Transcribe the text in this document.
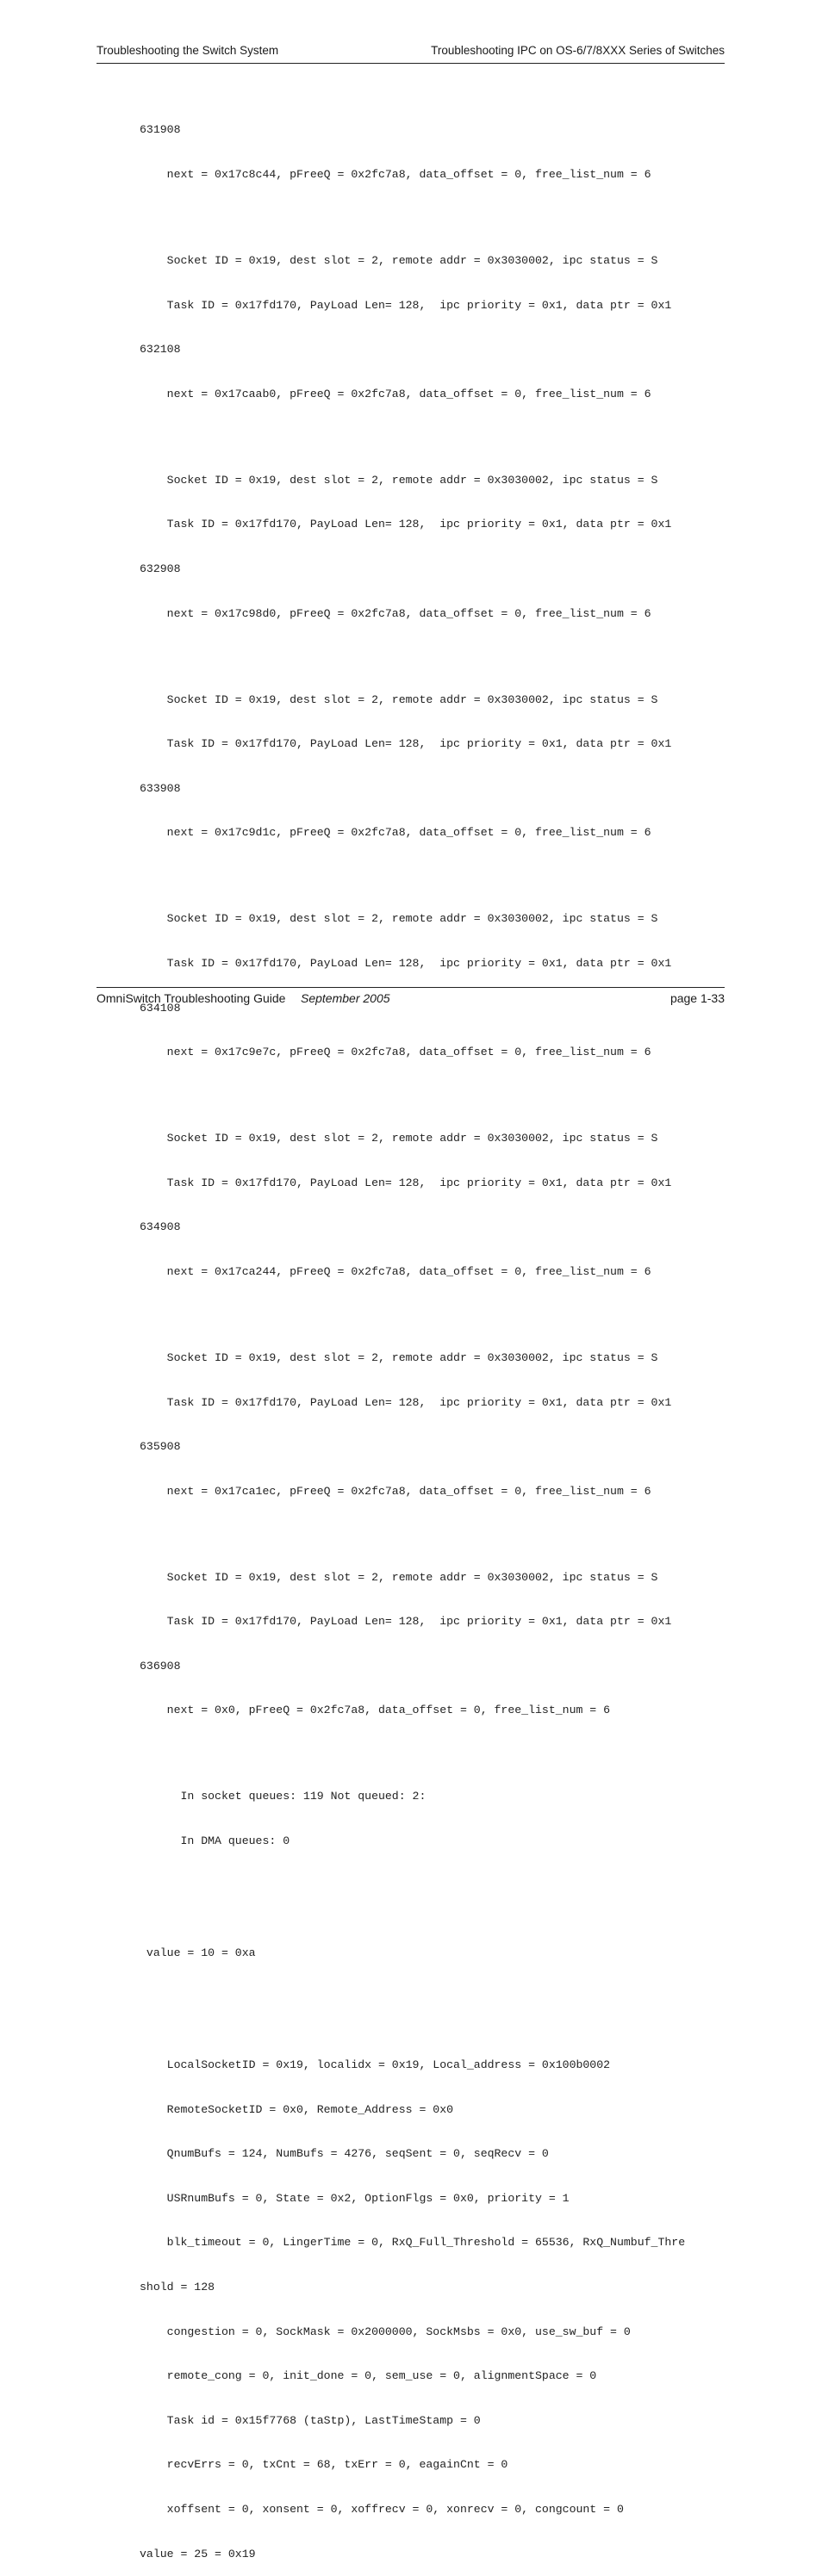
Troubleshooting the Switch System	Troubleshooting IPC on OS-6/7/8XXX Series of Switches

631908

next = 0x17c8c44, pFreeQ = 0x2fc7a8, data_offset = 0, free_list_num = 6

Socket ID = 0x19, dest slot = 2, remote addr = 0x3030002, ipc status = S

Task ID = 0x17fd170, PayLoad Len= 128,  ipc priority = 0x1, data ptr = 0x1

632108

next = 0x17caab0, pFreeQ = 0x2fc7a8, data_offset = 0, free_list_num = 6

Socket ID = 0x19, dest slot = 2, remote addr = 0x3030002, ipc status = S

Task ID = 0x17fd170, PayLoad Len= 128,  ipc priority = 0x1, data ptr = 0x1

632908

next = 0x17c98d0, pFreeQ = 0x2fc7a8, data_offset = 0, free_list_num = 6

Socket ID = 0x19, dest slot = 2, remote addr = 0x3030002, ipc status = S

Task ID = 0x17fd170, PayLoad Len= 128,  ipc priority = 0x1, data ptr = 0x1

633908

next = 0x17c9d1c, pFreeQ = 0x2fc7a8, data_offset = 0, free_list_num = 6

Socket ID = 0x19, dest slot = 2, remote addr = 0x3030002, ipc status = S

Task ID = 0x17fd170, PayLoad Len= 128,  ipc priority = 0x1, data ptr = 0x1

634108

next = 0x17c9e7c, pFreeQ = 0x2fc7a8, data_offset = 0, free_list_num = 6

Socket ID = 0x19, dest slot = 2, remote addr = 0x3030002, ipc status = S

Task ID = 0x17fd170, PayLoad Len= 128,  ipc priority = 0x1, data ptr = 0x1

634908

next = 0x17ca244, pFreeQ = 0x2fc7a8, data_offset = 0, free_list_num = 6

Socket ID = 0x19, dest slot = 2, remote addr = 0x3030002, ipc status = S

Task ID = 0x17fd170, PayLoad Len= 128,  ipc priority = 0x1, data ptr = 0x1

635908

next = 0x17ca1ec, pFreeQ = 0x2fc7a8, data_offset = 0, free_list_num = 6

Socket ID = 0x19, dest slot = 2, remote addr = 0x3030002, ipc status = S

Task ID = 0x17fd170, PayLoad Len= 128,  ipc priority = 0x1, data ptr = 0x1

636908

next = 0x0, pFreeQ = 0x2fc7a8, data_offset = 0, free_list_num = 6

In socket queues: 119 Not queued: 2:

In DMA queues: 0

value = 10 = 0xa

LocalSocketID = 0x19, localidx = 0x19, Local_address = 0x100b0002

RemoteSocketID = 0x0, Remote_Address = 0x0

QnumBufs = 124, NumBufs = 4276, seqSent = 0, seqRecv = 0

USRnumBufs = 0, State = 0x2, OptionFlgs = 0x0, priority = 1

blk_timeout = 0, LingerTime = 0, RxQ_Full_Threshold = 65536, RxQ_Numbuf_Thre

shold = 128

congestion = 0, SockMask = 0x2000000, SockMsbs = 0x0, use_sw_buf = 0

remote_cong = 0, init_done = 0, sem_use = 0, alignmentSpace = 0

Task id = 0x15f7768 (taStp), LastTimeStamp = 0

recvErrs = 0, txCnt = 68, txErr = 0, eagainCnt = 0

xoffsent = 0, xonsent = 0, xoffrecv = 0, xonrecv = 0, congcount = 0

value = 25 = 0x19

OmniSwitch Troubleshooting Guide September 2005	page 1-33
